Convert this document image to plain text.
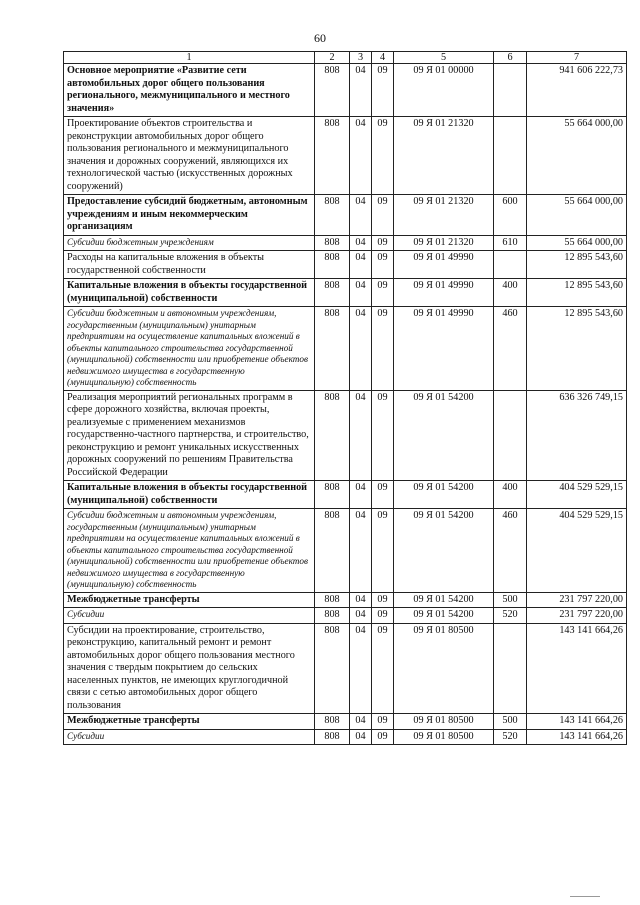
60
1	2	3	4	5	6	7
Основное мероприятие «Развитие сети автомобильных дорог общего пользования регионального, межмуниципального и местного значения»	808	04	09	09 Я 01 00000		941 606 222,73
Проектирование объектов строительства и реконструкции автомобильных дорог общего пользования регионального и межмуниципального значения и дорожных сооружений, являющихся их технологической частью (искусственных дорожных сооружений)	808	04	09	09 Я 01 21320		55 664 000,00
Предоставление субсидий бюджетным, автономным учреждениям и иным некоммерческим организациям	808	04	09	09 Я 01 21320	600	55 664 000,00
Субсидии бюджетным учреждениям	808	04	09	09 Я 01 21320	610	55 664 000,00
Расходы на капитальные вложения в объекты государственной собственности	808	04	09	09 Я 01 49990		12 895 543,60
Капитальные вложения в объекты государственной (муниципальной) собственности	808	04	09	09 Я 01 49990	400	12 895 543,60
Субсидии бюджетным и автономным учреждениям, государственным (муниципальным) унитарным предприятиям на осуществление капитальных вложений в объекты капитального строительства государственной (муниципальной) собственности или приобретение объектов недвижимого имущества в государственную (муниципальную) собственность	808	04	09	09 Я 01 49990	460	12 895 543,60
Реализация мероприятий региональных программ в сфере дорожного хозяйства, включая проекты, реализуемые с применением механизмов государственно-частного партнерства, и строительство, реконструкцию и ремонт уникальных искусственных дорожных сооружений по решениям Правительства Российской Федерации	808	04	09	09 Я 01 54200		636 326 749,15
Капитальные вложения в объекты государственной (муниципальной) собственности	808	04	09	09 Я 01 54200	400	404 529 529,15
Субсидии бюджетным и автономным учреждениям, государственным (муниципальным) унитарным предприятиям на осуществление капитальных вложений в объекты капитального строительства государственной (муниципальной) собственности или приобретение объектов недвижимого имущества в государственную (муниципальную) собственность	808	04	09	09 Я 01 54200	460	404 529 529,15
Межбюджетные трансферты	808	04	09	09 Я 01 54200	500	231 797 220,00
Субсидии	808	04	09	09 Я 01 54200	520	231 797 220,00
Субсидии на проектирование, строительство, реконструкцию, капитальный ремонт и ремонт автомобильных дорог общего пользования местного значения с твердым покрытием до сельских населенных пунктов, не имеющих круглогодичной связи с сетью автомобильных дорог общего пользования	808	04	09	09 Я 01 80500		143 141 664,26
Межбюджетные трансферты	808	04	09	09 Я 01 80500	500	143 141 664,26
Субсидии	808	04	09	09 Я 01 80500	520	143 141 664,26
